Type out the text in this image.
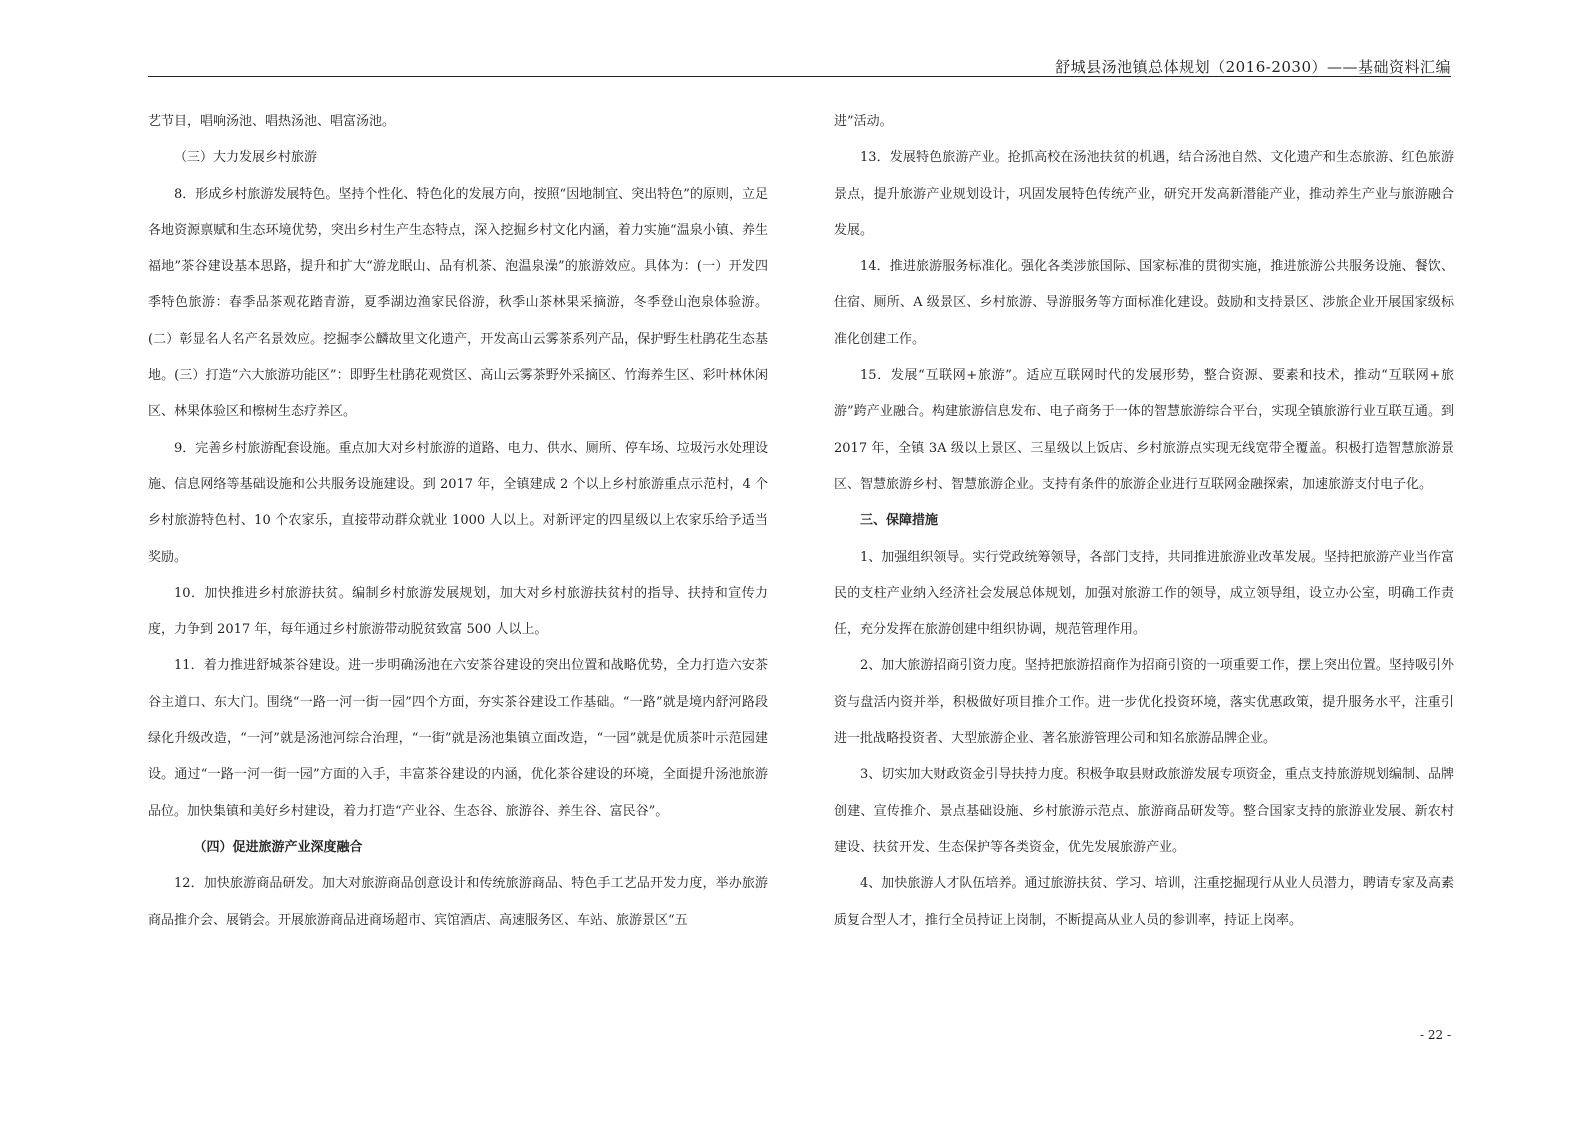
舒城县汤池镇总体规划（2016-2030）——基础资料汇编

艺节目，唱响汤池、唱热汤池、唱富汤池。

（三）大力发展乡村旅游

8．形成乡村旅游发展特色。坚持个性化、特色化的发展方向，按照“因地制宜、突出特色”的原则，立足各地资源禀赋和生态环境优势，突出乡村生产生态特点，深入挖掘乡村文化内涵，着力实施“温泉小镇、养生福地”茶谷建设基本思路，提升和扩大“游龙眠山、品有机茶、泡温泉澡”的旅游效应。具体为：(一）开发四季特色旅游：春季品茶观花踏青游，夏季湖边渔家民俗游，秋季山茶林果采摘游，冬季登山泡泉体验游。(二）彰显名人名产名景效应。挖掘李公麟故里文化遗产，开发高山云雾茶系列产品，保护野生杜鹃花生态基地。(三）打造“六大旅游功能区”：即野生杜鹃花观赏区、高山云雾茶野外采摘区、竹海养生区、彩叶林休闲区、林果体验区和檫树生态疗养区。

9．完善乡村旅游配套设施。重点加大对乡村旅游的道路、电力、供水、厕所、停车场、垃圾污水处理设施、信息网络等基础设施和公共服务设施建设。到 2017 年，全镇建成 2 个以上乡村旅游重点示范村，4 个乡村旅游特色村、10 个农家乐，直接带动群众就业 1000 人以上。对新评定的四星级以上农家乐给予适当奖励。

10．加快推进乡村旅游扶贫。编制乡村旅游发展规划，加大对乡村旅游扶贫村的指导、扶持和宣传力度，力争到 2017 年，每年通过乡村旅游带动脱贫致富 500 人以上。

11．着力推进舒城茶谷建设。进一步明确汤池在六安茶谷建设的突出位置和战略优势，全力打造六安茶谷主道口、东大门。围绕“一路一河一街一园”四个方面，夯实茶谷建设工作基础。“一路”就是境内舒河路段绿化升级改造，“一河”就是汤池河综合治理，“一街”就是汤池集镇立面改造，“一园”就是优质茶叶示范园建设。通过“一路一河一街一园”方面的入手，丰富茶谷建设的内涵，优化茶谷建设的环境，全面提升汤池旅游品位。加快集镇和美好乡村建设，着力打造“产业谷、生态谷、旅游谷、养生谷、富民谷”。

（四）促进旅游产业深度融合

12．加快旅游商品研发。加大对旅游商品创意设计和传统旅游商品、特色手工艺品开发力度，举办旅游商品推介会、展销会。开展旅游商品进商场超市、宾馆酒店、高速服务区、车站、旅游景区“五

进”活动。

13．发展特色旅游产业。抢抓高校在汤池扶贫的机遇，结合汤池自然、文化遗产和生态旅游、红色旅游景点，提升旅游产业规划设计，巩固发展特色传统产业，研究开发高新潜能产业，推动养生产业与旅游融合发展。

14．推进旅游服务标准化。强化各类涉旅国际、国家标准的贯彻实施，推进旅游公共服务设施、餐饮、住宿、厕所、A 级景区、乡村旅游、导游服务等方面标准化建设。鼓励和支持景区、涉旅企业开展国家级标准化创建工作。

15．发展“互联网+旅游”。适应互联网时代的发展形势，整合资源、要素和技术，推动“互联网+旅游”跨产业融合。构建旅游信息发布、电子商务于一体的智慧旅游综合平台，实现全镇旅游行业互联互通。到 2017 年，全镇 3A 级以上景区、三星级以上饭店、乡村旅游点实现无线宽带全覆盖。积极打造智慧旅游景区、智慧旅游乡村、智慧旅游企业。支持有条件的旅游企业进行互联网金融探索，加速旅游支付电子化。

三、保障措施

1、加强组织领导。实行党政统筹领导，各部门支持，共同推进旅游业改革发展。坚持把旅游产业当作富民的支柱产业纳入经济社会发展总体规划，加强对旅游工作的领导，成立领导组，设立办公室，明确工作责任，充分发挥在旅游创建中组织协调，规范管理作用。

2、加大旅游招商引资力度。坚持把旅游招商作为招商引资的一项重要工作，摆上突出位置。坚持吸引外资与盘活内资并举，积极做好项目推介工作。进一步优化投资环境，落实优惠政策，提升服务水平，注重引进一批战略投资者、大型旅游企业、著名旅游管理公司和知名旅游品牌企业。

3、切实加大财政资金引导扶持力度。积极争取县财政旅游发展专项资金，重点支持旅游规划编制、品牌创建、宣传推介、景点基础设施、乡村旅游示范点、旅游商品研发等。整合国家支持的旅游业发展、新农村建设、扶贫开发、生态保护等各类资金，优先发展旅游产业。

4、加快旅游人才队伍培养。通过旅游扶贫、学习、培训，注重挖掘现行从业人员潜力，聘请专家及高素质复合型人才，推行全员持证上岗制，不断提高从业人员的参训率，持证上岗率。

- 22 -
